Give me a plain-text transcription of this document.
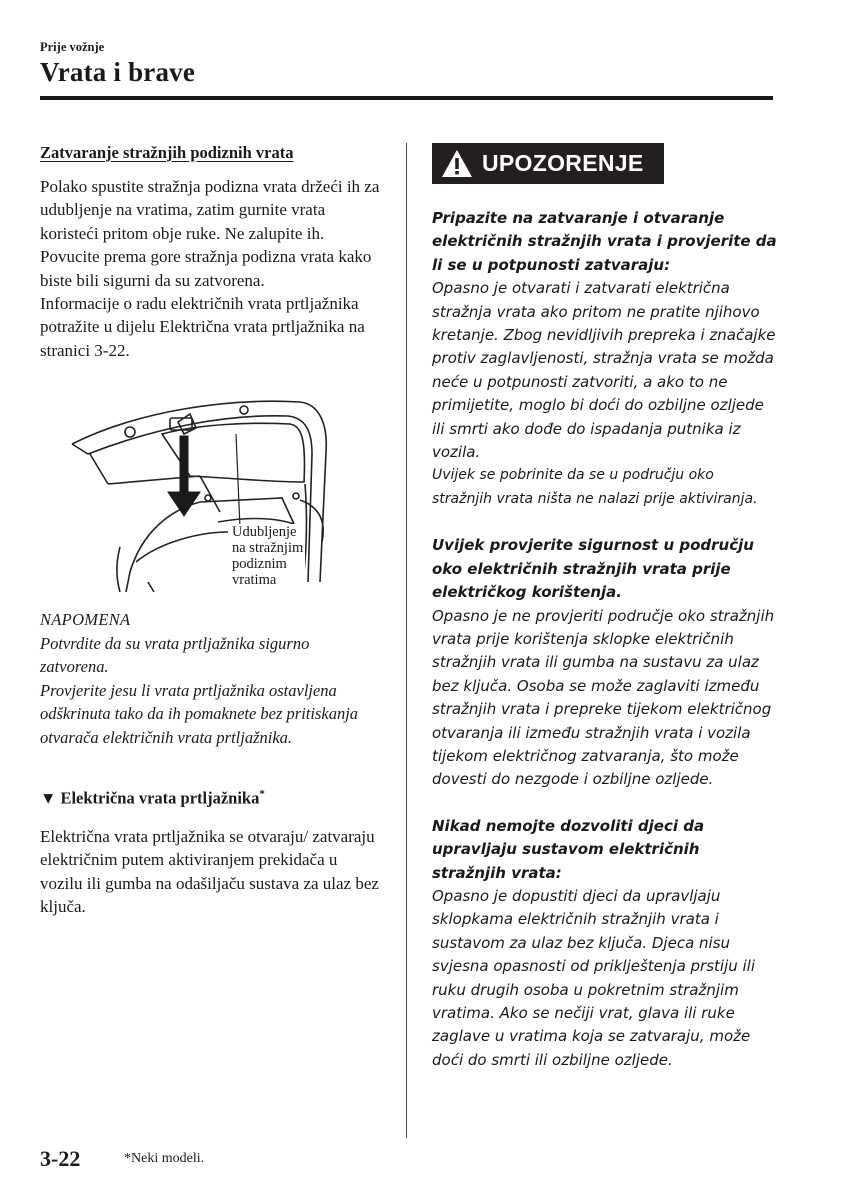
Prije vožnje
Vrata i brave

Zatvaranje stražnjih podiznih vrata

Polako spustite stražnja podizna vrata držeći ih za udubljenje na vratima, zatim gurnite vrata koristeći pritom obje ruke. Ne zalupite ih. Povucite prema gore stražnja podizna vrata kako biste bili sigurni da su zatvorena.

Informacije o radu električnih vrata prtljažnika potražite u dijelu Električna vrata prtljažnika na stranici 3-22.

Udubljenje
na stražnjim
podiznim
vratima

NAPOMENA

Potvrdite da su vrata prtljažnika sigurno zatvorena.

Provjerite jesu li vrata prtljažnika ostavljena odškrinuta tako da ih pomaknete bez pritiskanja otvarača električnih vrata prtljažnika.

▼ Električna vrata prtljažnika*

Električna vrata prtljažnika se otvaraju/ zatvaraju električnim putem aktiviranjem prekidača u vozilu ili gumba na odašiljaču sustava za ulaz bez ključa.

UPOZORENJE

Pripazite na zatvaranje i otvaranje električnih stražnjih vrata i provjerite da li se u potpunosti zatvaraju:

Opasno je otvarati i zatvarati električna stražnja vrata ako pritom ne pratite njihovo kretanje. Zbog nevidljivih prepreka i značajke protiv zaglavljenosti, stražnja vrata se možda neće u potpunosti zatvoriti, a ako to ne primijetite, moglo bi doći do ozbiljne ozljede ili smrti ako dođe do ispadanja putnika iz vozila.

Uvijek se pobrinite da se u području oko stražnjih vrata ništa ne nalazi prije aktiviranja.

Uvijek provjerite sigurnost u području oko električnih stražnjih vrata prije električkog korištenja.

Opasno je ne provjeriti područje oko stražnjih vrata prije korištenja sklopke električnih stražnjih vrata ili gumba na sustavu za ulaz bez ključa. Osoba se može zaglaviti između stražnjih vrata i prepreke tijekom električnog otvaranja ili između stražnjih vrata i vozila tijekom električnog zatvaranja, što može dovesti do nezgode i ozbiljne ozljede.

Nikad nemojte dozvoliti djeci da upravljaju sustavom električnih stražnjih vrata:

Opasno je dopustiti djeci da upravljaju sklopkama električnih stražnjih vrata i sustavom za ulaz bez ključa. Djeca nisu svjesna opasnosti od priklještenja prstiju ili ruku drugih osoba u pokretnim stražnjim vratima. Ako se nečiji vrat, glava ili ruke zaglave u vratima koja se zatvaraju, može doći do smrti ili ozbiljne ozljede.

3-22	*Neki modeli.
